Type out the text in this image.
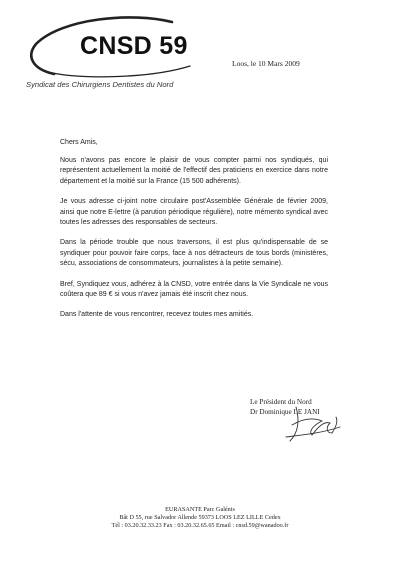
CNSD 59
Syndicat des Chirurgiens Dentistes du Nord
Loos, le 10 Mars 2009

Chers Amis,

Nous n'avons pas encore le plaisir de vous compter parmi nos syndiqués, qui représentent actuellement la moitié de l'effectif des praticiens en exercice dans notre département et la moitié sur la France (15 500 adhérents).

Je vous adresse ci-joint notre circulaire post'Assemblée Générale de février 2009, ainsi que notre E-lettre (à parution périodique régulière), notre mémento syndical avec toutes les adresses des responsables de secteurs.

Dans la période trouble que nous traversons, il est plus qu'indispensable de se syndiquer pour pouvoir faire corps, face à nos détracteurs de tous bords (ministères, sécu, associations de consommateurs, journalistes à la petite semaine).

Bref, Syndiquez vous, adhérez à la CNSD, votre entrée dans la Vie Syndicale ne vous coûtera que 89 € si vous n'avez jamais été inscrit chez nous.

Dans l'attente de vous rencontrer, recevez toutes mes amitiés.

Le Président du Nord
Dr Dominique LE JANI
EURASANTE Parc Galénis
Bât D 55, rue Salvador Allende 59373 LOOS LEZ LILLE Cedex
Tél : 03.20.32.33.23 Fax : 03.20.32.65.65 Email : cnsd.59@wanadoo.fr
